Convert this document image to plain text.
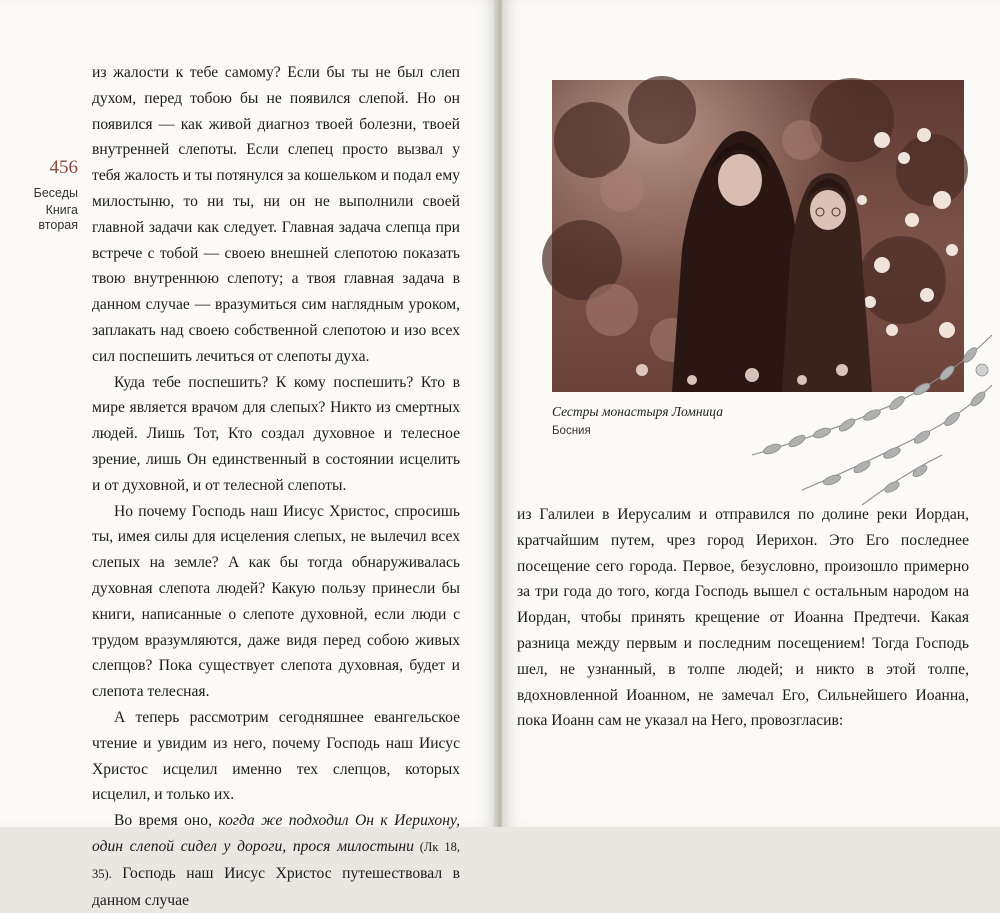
456
Беседы
Книга
вторая

из жалости к тебе самому? Если бы ты не был слеп духом, перед тобою бы не появился слепой. Но он появился — как живой диагноз твоей болезни, твоей внутренней слепоты. Если слепец просто вызвал у тебя жалость и ты потянулся за кошельком и подал ему милостыню, то ни ты, ни он не выполнили своей главной задачи как следует. Главная задача слепца при встрече с тобой — своею внешней слепотою показать твою внутреннюю слепоту; а твоя главная задача в данном случае — вразумиться сим наглядным уроком, заплакать над своею собственной слепотою и изо всех сил поспешить лечиться от слепоты духа.

Куда тебе поспешить? К кому поспешить? Кто в мире является врачом для слепых? Никто из смертных людей. Лишь Тот, Кто создал духовное и телесное зрение, лишь Он единственный в состоянии исцелить и от духовной, и от телесной слепоты.

Но почему Господь наш Иисус Христос, спросишь ты, имея силы для исцеления слепых, не вылечил всех слепых на земле? А как бы тогда обнаруживалась духовная слепота людей? Какую пользу принесли бы книги, написанные о слепоте духовной, если люди с трудом вразумляются, даже видя перед собою живых слепцов? Пока существует слепота духовная, будет и слепота телесная.

А теперь рассмотрим сегодняшнее евангельское чтение и увидим из него, почему Господь наш Иисус Христос исцелил именно тех слепцов, которых исцелил, и только их.

Во время оно, когда же подходил Он к Иерихону, один слепой сидел у дороги, прося милостыни (Лк 18, 35). Господь наш Иисус Христос путешествовал в данном случае

Сестры монастыря Ломница
Босния

из Галилеи в Иерусалим и отправился по долине реки Иордан, кратчайшим путем, чрез город Иерихон. Это Его последнее посещение сего города. Первое, безусловно, произошло примерно за три года до того, когда Господь вышел с остальным народом на Иордан, чтобы принять крещение от Иоанна Предтечи. Какая разница между первым и последним посещением! Тогда Господь шел, не узнанный, в толпе людей; и никто в этой толпе, вдохновленной Иоанном, не замечал Его, Сильнейшего Иоанна, пока Иоанн сам не указал на Него, провозгласив:
